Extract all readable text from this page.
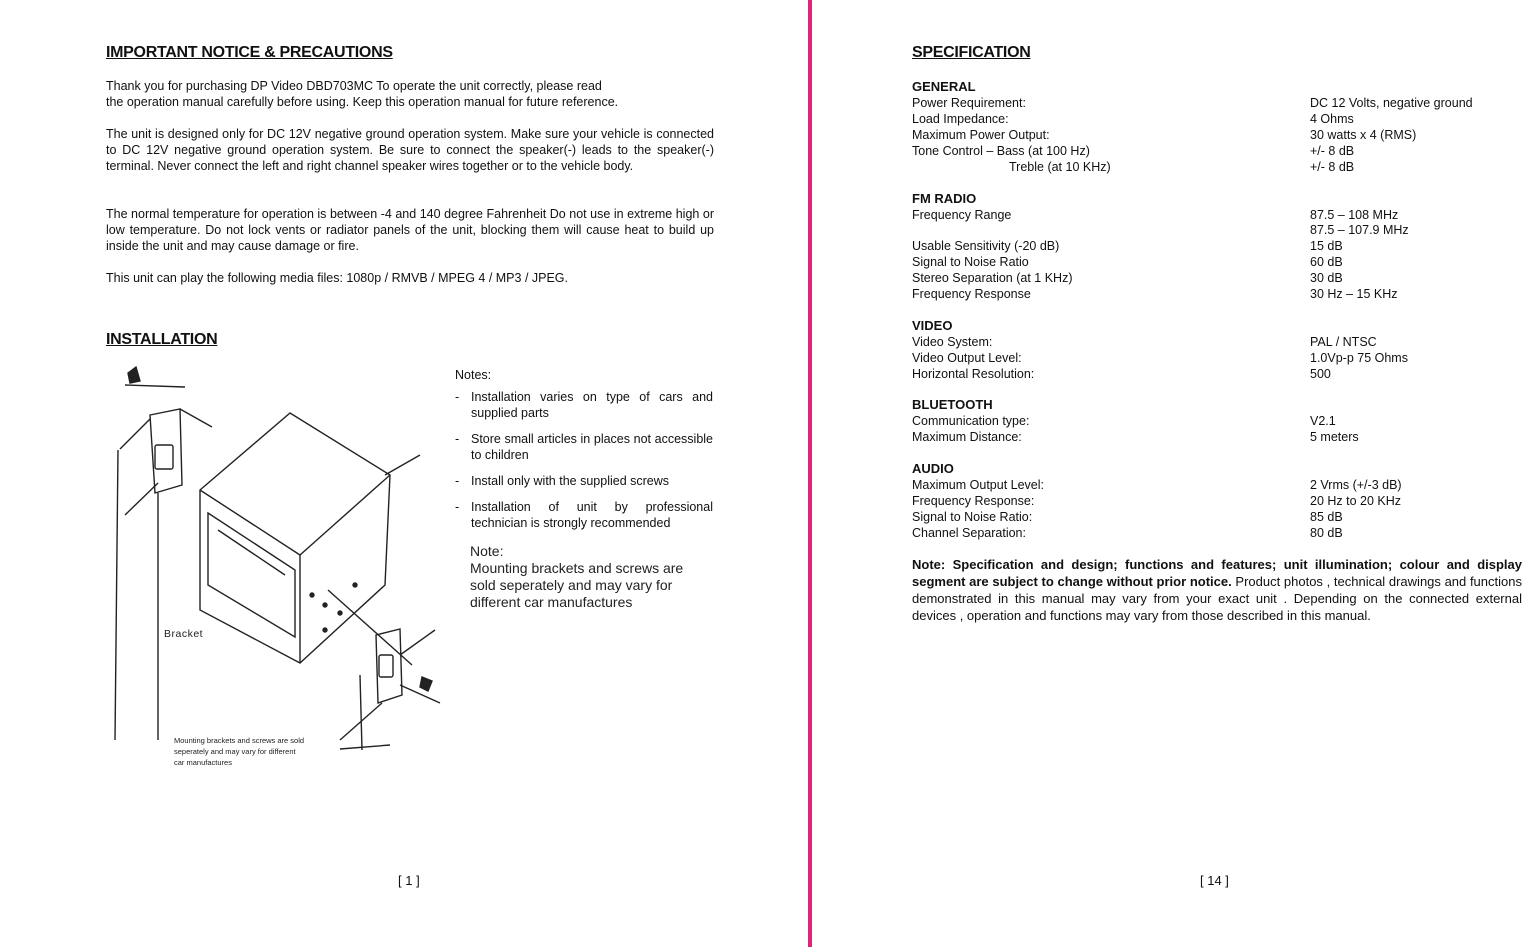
IMPORTANT NOTICE & PRECAUTIONS
Thank you for purchasing DP Video DBD703MC To operate the unit correctly, please read
the operation manual carefully before using. Keep this operation manual for future reference.
The unit is designed only for DC 12V negative ground operation system. Make sure your vehicle is connected to DC 12V negative ground operation system. Be sure to connect the speaker(-) leads to the speaker(-) terminal. Never connect the left and right channel speaker wires together or to the vehicle body.
The normal temperature for operation is between -4 and 140 degree Fahrenheit Do not use in extreme high or low temperature. Do not lock vents or radiator panels of the unit, blocking them will cause heat to build up inside the unit and may cause damage or fire.
This unit can play the following media files: 1080p / RMVB / MPEG 4 / MP3 / JPEG.
INSTALLATION
Bracket
Mounting brackets and screws are sold
seperately and may vary for different
car manufactures
Notes:
- Installation varies on type of cars and supplied parts
- Store small articles in places not accessible to children
- Install only with the supplied screws
- Installation of unit by professional technician is strongly recommended
Note:
Mounting brackets and screws are sold seperately and may vary for different car manufactures
[ 1 ]
SPECIFICATION
GENERAL
Power Requirement:	DC 12 Volts, negative ground
Load Impedance:	4 Ohms
Maximum Power Output:	30 watts x 4 (RMS)
Tone Control – Bass (at 100 Hz)	+/- 8 dB
Treble (at 10 KHz)	+/- 8 dB
FM RADIO
Frequency Range	87.5 – 108 MHz
87.5 – 107.9 MHz
Usable Sensitivity (-20 dB)	15 dB
Signal to Noise Ratio	60 dB
Stereo Separation (at 1 KHz)	30 dB
Frequency Response	30 Hz – 15 KHz
VIDEO
Video System:	PAL / NTSC
Video Output Level:	1.0Vp-p 75 Ohms
Horizontal Resolution:	500
BLUETOOTH
Communication type:	V2.1
Maximum Distance:	5 meters
AUDIO
Maximum Output Level:	2 Vrms (+/-3 dB)
Frequency Response:	20 Hz to 20 KHz
Signal to Noise Ratio:	85 dB
Channel Separation:	80 dB
Note: Specification and design; functions and features; unit illumination; colour and display segment are subject to change without prior notice. Product photos , technical drawings and functions demonstrated in this manual may vary from your exact unit . Depending on the connected external devices , operation and functions may vary from those described in this manual.
[ 14 ]
